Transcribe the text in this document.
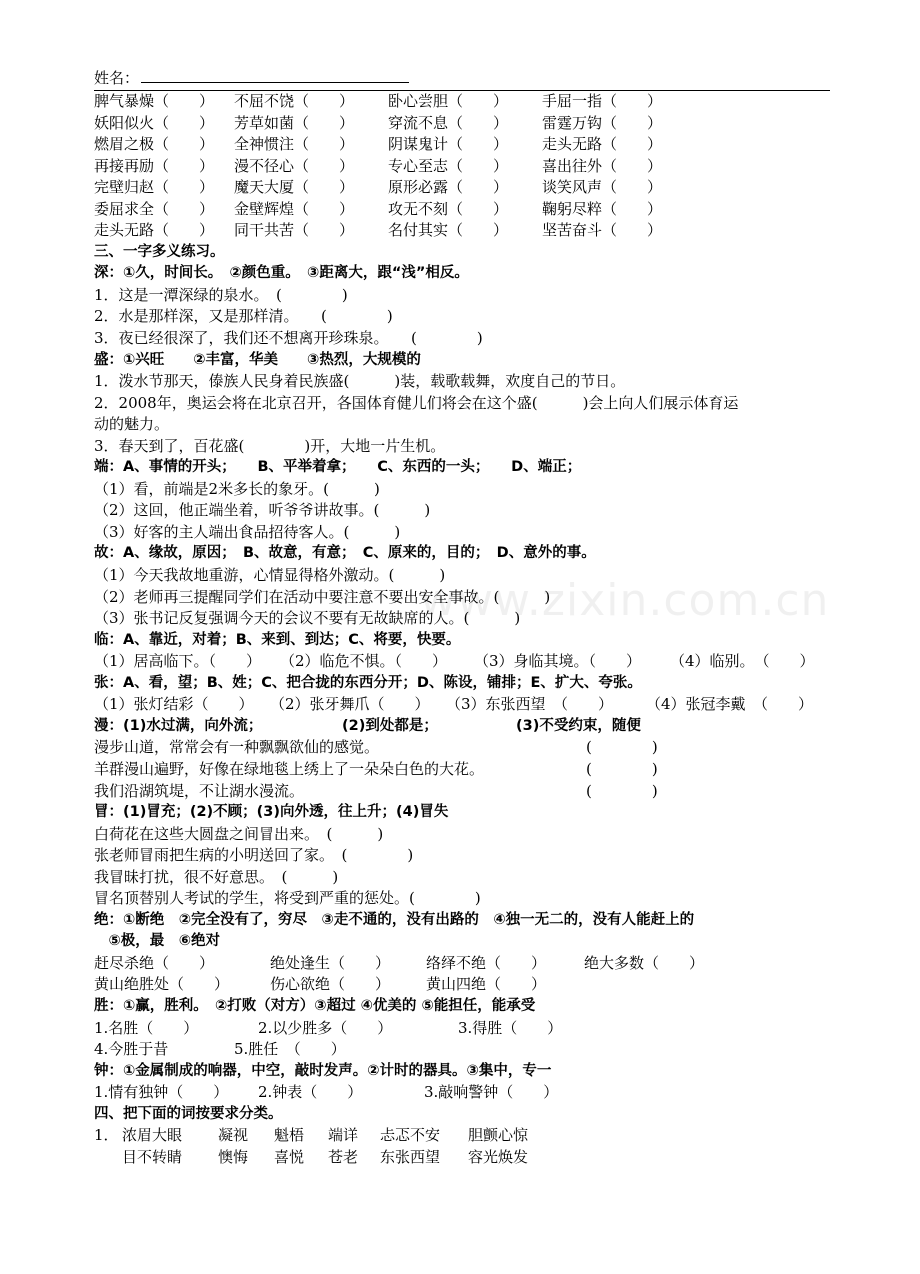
www.zixin.com.cn
姓名：
脾气暴燥（　　） 不屈不饶（　　） 卧心尝胆（　　） 手屈一指（　　）
妖阳似火（　　） 芳草如菌（　　） 穿流不息（　　） 雷霆万钩（　　）
燃眉之极（　　） 全神惯注（　　） 阴谋鬼计（　　） 走头无路（　　）
再接再励（　　） 漫不径心（　　） 专心至志（　　） 喜出往外（　　）
完壁归赵（　　） 魔天大厦（　　） 原形必露（　　） 谈笑风声（　　）
委屈求全（　　） 金壁辉煌（　　） 攻无不刻（　　） 鞠躬尽粹（　　）
走头无路（　　） 同干共苦（　　） 名付其实（　　） 坚苦奋斗（　　）
三、一字多义练习。
深：①久，时间长。　②颜色重。　③距离大，跟“浅”相反。
1．这是一潭深绿的泉水。　(　　　　)
2．水是那样深，又是那样清。　　(　　　　)
3．夜已经很深了，我们还不想离开珍珠泉。　　(　　　　)
盛：①兴旺　　②丰富，华美　　③热烈，大规模的
1．泼水节那天，傣族人民身着民族盛(　　　)装，载歌载舞，欢度自己的节日。
2．2008年，奥运会将在北京召开，各国体育健儿们将会在这个盛(　　　)会上向人们展示体育运
动的魅力。
3．春天到了，百花盛(　　　　)开，大地一片生机。
端：A、事情的开头；　　B、平举着拿；　　C、东西的一头；　　D、端正；
（1）看，前端是2米多长的象牙。(　　　)
（2）这回，他正端坐着，听爷爷讲故事。(　　　)
（3）好客的主人端出食品招待客人。(　　　)
故：A、缘故，原因；　B、故意，有意；　C、原来的，目的；　D、意外的事。
（1）今天我故地重游，心情显得格外激动。(　　　)
（2）老师再三提醒同学们在活动中要注意不要出安全事故。(　　　)
（3）张书记反复强调今天的会议不要有无故缺席的人。(　　　)
临：A、靠近，对着；B、来到、到达；C、将要，快要。
（1）居高临下。（　　） （2）临危不惧。（　　） （3）身临其境。（　　） （4）临别。　（　　）
张：A、看，望；B、姓；C、把合拢的东西分开；D、陈设，铺排；E、扩大、夸张。
（1）张灯结彩（　　） （2）张牙舞爪（　　） （3）东张西望　（　　） （4）张冠李戴　（　　）
漫：(1)水过满，向外流；	(2)到处都是；	(3)不受约束，随便
漫步山道，常常会有一种飘飘欲仙的感觉。	(　　　　)
羊群漫山遍野，好像在绿地毯上绣上了一朵朵白色的大花。	(　　　　)
我们沿湖筑堤，不让湖水漫流。	(　　　　)
冒：(1)冒充；(2)不顾；(3)向外透，往上升；(4)冒失
白荷花在这些大圆盘之间冒出来。　(　　　)
张老师冒雨把生病的小明送回了家。　(　　　　)
我冒昧打扰，很不好意思。　(　　　)
冒名顶替别人考试的学生，将受到严重的惩处。(　　　　)
绝：①断绝　②完全没有了，穷尽　③走不通的，没有出路的　④独一无二的，没有人能赶上的
　⑤极，最　⑥绝对
赶尽杀绝（　　）	绝处逢生（　　） 络绎不绝（　　）	绝大多数（　　）
黄山绝胜处（　　）	伤心欲绝（　　） 黄山四绝（　　）
胜：①赢，胜利。　②打败（对方）③超过 ④优美的 ⑤能担任，能承受
1.名胜（　　）	2.以少胜多（　　）	3.得胜（　　）
4.今胜于昔	5.胜任　（　　）
钟：①金属制成的响器，中空，敲时发声。②计时的器具。③集中，专一
1.情有独钟（　　） 2.钟表（　　）	3.敲响警钟（　　）
四、把下面的词按要求分类。
1． 浓眉大眼 凝视 魁梧 端详 忐忑不安 胆颤心惊
目不转睛 懊悔 喜悦 苍老 东张西望 容光焕发
